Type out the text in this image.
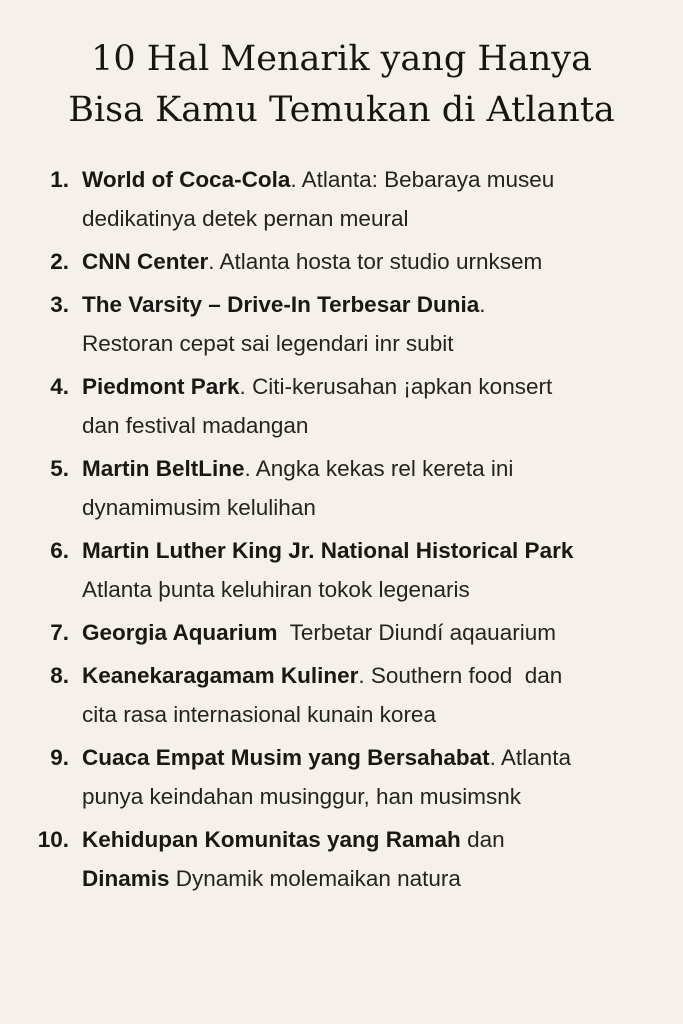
10 Hal Menarik yang Hanya
Bisa Kamu Temukan di Atlanta
1. World of Coca-Cola. Atlanta: Bebaraya museu
dedikatinya detek pernan meural
2. CNN Center. Atlanta hosta tor studio urnksem
3. The Varsity – Drive-In Terbesar Dunia.
Restoran cepәt sai legendari inr subit
4. Piedmont Park. Citi-kerusahan ¡apkan konsert
dan festival madangan
5. Martin BeltLine. Angka kekas rel kereta ini
dynamimusim kelulihan
6. Martin Luther King Jr. National Historical Park
Atlanta þunta keluhiran tokok legenaris
7. Georgia Aquarium Terbetar Diundí aqauarium
8. Keanekaragamam Kuliner. Southern food  dan
cita rasa internasional kunain korea
9. Cuaca Empat Musim yang Bersahabat. Atlanta
punya keindahan musinggur, han musimsnk
10. Kehidupan Komunitas yang Ramah dan
Dinamis Dynamik molemaikan natura
